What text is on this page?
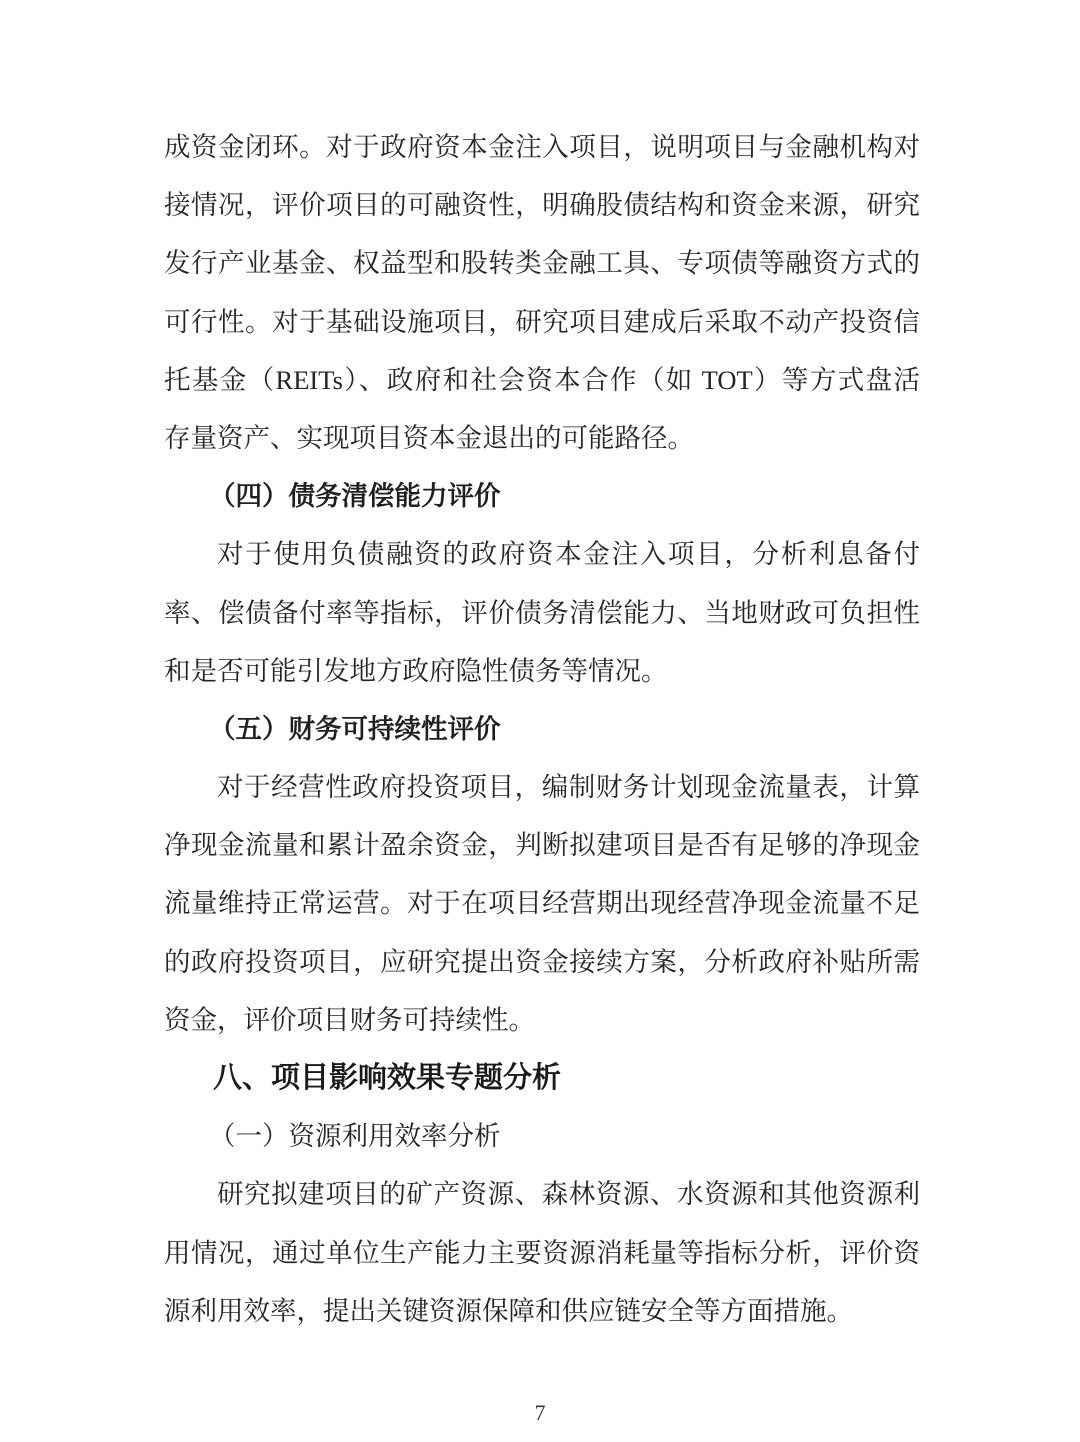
成资金闭环。对于政府资本金注入项目，说明项目与金融机构对
接情况，评价项目的可融资性，明确股债结构和资金来源，研究
发行产业基金、权益型和股转类金融工具、专项债等融资方式的
可行性。对于基础设施项目，研究项目建成后采取不动产投资信
托基金（REITs）、政府和社会资本合作（如 TOT）等方式盘活
存量资产、实现项目资本金退出的可能路径。
（四）债务清偿能力评价
对于使用负债融资的政府资本金注入项目，分析利息备付
率、偿债备付率等指标，评价债务清偿能力、当地财政可负担性
和是否可能引发地方政府隐性债务等情况。
（五）财务可持续性评价
对于经营性政府投资项目，编制财务计划现金流量表，计算
净现金流量和累计盈余资金，判断拟建项目是否有足够的净现金
流量维持正常运营。对于在项目经营期出现经营净现金流量不足
的政府投资项目，应研究提出资金接续方案，分析政府补贴所需
资金，评价项目财务可持续性。
八、项目影响效果专题分析
（一）资源利用效率分析
研究拟建项目的矿产资源、森林资源、水资源和其他资源利
用情况，通过单位生产能力主要资源消耗量等指标分析，评价资
源利用效率，提出关键资源保障和供应链安全等方面措施。
7
